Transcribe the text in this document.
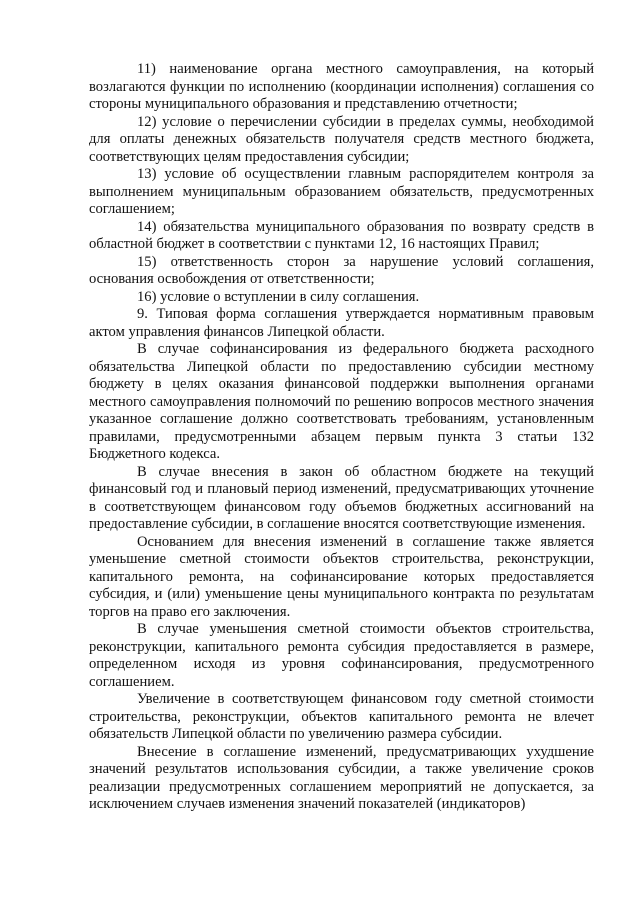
11) наименование органа местного самоуправления, на который возлагаются функции по исполнению (координации исполнения) соглашения со стороны муниципального образования и представлению отчетности;

12) условие о перечислении субсидии в пределах суммы, необходимой для оплаты денежных обязательств получателя средств местного бюджета, соответствующих целям предоставления субсидии;

13) условие об осуществлении главным распорядителем контроля за выполнением муниципальным образованием обязательств, предусмотренных соглашением;

14) обязательства муниципального образования по возврату средств в областной бюджет в соответствии с пунктами 12, 16 настоящих Правил;

15) ответственность сторон за нарушение условий соглашения, основания освобождения от ответственности;

16) условие о вступлении в силу соглашения.

9. Типовая форма соглашения утверждается нормативным правовым актом управления финансов Липецкой области.

В случае софинансирования из федерального бюджета расходного обязательства Липецкой области по предоставлению субсидии местному бюджету в целях оказания финансовой поддержки выполнения органами местного самоуправления полномочий по решению вопросов местного значения указанное соглашение должно соответствовать требованиям, установленным правилами, предусмотренными абзацем первым пункта 3 статьи 132 Бюджетного кодекса.

В случае внесения в закон об областном бюджете на текущий финансовый год и плановый период изменений, предусматривающих уточнение в соответствующем финансовом году объемов бюджетных ассигнований на предоставление субсидии, в соглашение вносятся соответствующие изменения.

Основанием для внесения изменений в соглашение также является уменьшение сметной стоимости объектов строительства, реконструкции, капитального ремонта, на софинансирование которых предоставляется субсидия, и (или) уменьшение цены муниципального контракта по результатам торгов на право его заключения.

В случае уменьшения сметной стоимости объектов строительства, реконструкции, капитального ремонта субсидия предоставляется в размере, определенном исходя из уровня софинансирования, предусмотренного соглашением.

Увеличение в соответствующем финансовом году сметной стоимости строительства, реконструкции, объектов капитального ремонта не влечет обязательств Липецкой области по увеличению размера субсидии.

Внесение в соглашение изменений, предусматривающих ухудшение значений результатов использования субсидии, а также увеличение сроков реализации предусмотренных соглашением мероприятий не допускается, за исключением случаев изменения значений показателей (индикаторов)
